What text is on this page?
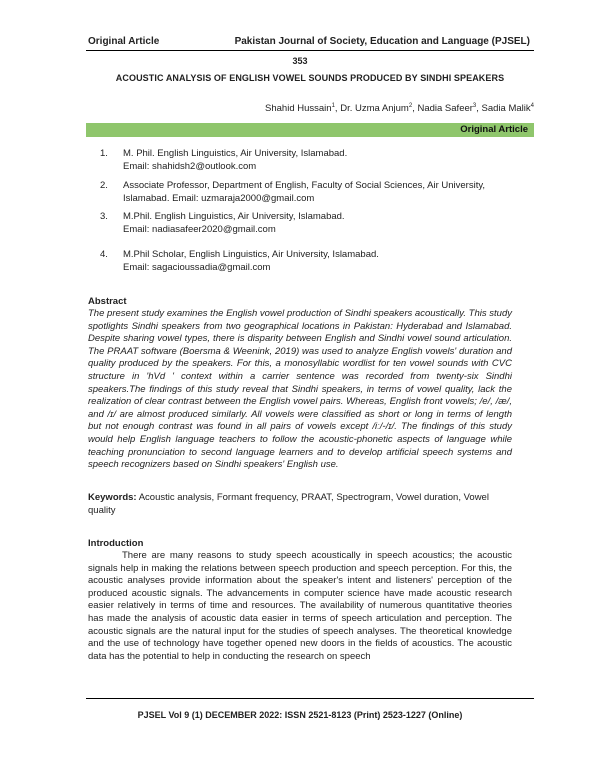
Original Article	Pakistan Journal of Society, Education and Language (PJSEL)
353
ACOUSTIC ANALYSIS OF ENGLISH VOWEL SOUNDS PRODUCED BY SINDHI SPEAKERS
Shahid Hussain$^1$, Dr. Uzma Anjum$^2$, Nadia Safeer$^3$, Sadia Malik$^4$
Original Article
1. M. Phil. English Linguistics, Air University, Islamabad.
Email: shahidsh2@outlook.com
2. Associate Professor, Department of English, Faculty of Social Sciences, Air University,
Islamabad. Email: uzmaraja2000@gmail.com
3. M.Phil. English Linguistics, Air University, Islamabad.
Email: nadiasafeer2020@gmail.com
4. M.Phil Scholar, English Linguistics, Air University, Islamabad.
Email: sagacioussadia@gmail.com
Abstract
The present study examines the English vowel production of Sindhi speakers acoustically. This study spotlights Sindhi speakers from two geographical locations in Pakistan: Hyderabad and Islamabad. Despite sharing vowel types, there is disparity between English and Sindhi vowel sound articulation. The PRAAT software (Boersma & Weenink, 2019) was used to analyze English vowels' duration and quality produced by the speakers. For this, a monosyllabic wordlist for ten vowel sounds with CVC structure in 'hVd ' context within a carrier sentence was recorded from twenty-six Sindhi speakers.The findings of this study reveal that Sindhi speakers, in terms of vowel quality, lack the realization of clear contrast between the English vowel pairs. Whereas, English front vowels; /e/, /æ/, and /ɪ/ are almost produced similarly. All vowels were classified as short or long in terms of length but not enough contrast was found in all pairs of vowels except /iː/-/ɪ/. The findings of this study would help English language teachers to follow the acoustic-phonetic aspects of language while teaching pronunciation to second language learners and to develop artificial speech systems and speech recognizers based on Sindhi speakers' English use.
Keywords: Acoustic analysis, Formant frequency, PRAAT, Spectrogram, Vowel duration, Vowel quality
Introduction
There are many reasons to study speech acoustically in speech acoustics; the acoustic signals help in making the relations between speech production and speech perception. For this, the acoustic analyses provide information about the speaker's intent and listeners' perception of the produced acoustic signals. The advancements in computer science have made acoustic research easier relatively in terms of time and resources. The availability of numerous quantitative theories has made the analysis of acoustic data easier in terms of speech articulation and perception. The acoustic signals are the natural input for the studies of speech analyses. The theoretical knowledge and the use of technology have together opened new doors in the fields of acoustics. The acoustic data has the potential to help in conducting the research on speech
PJSEL Vol 9 (1) DECEMBER 2022: ISSN 2521-8123 (Print) 2523-1227 (Online)
